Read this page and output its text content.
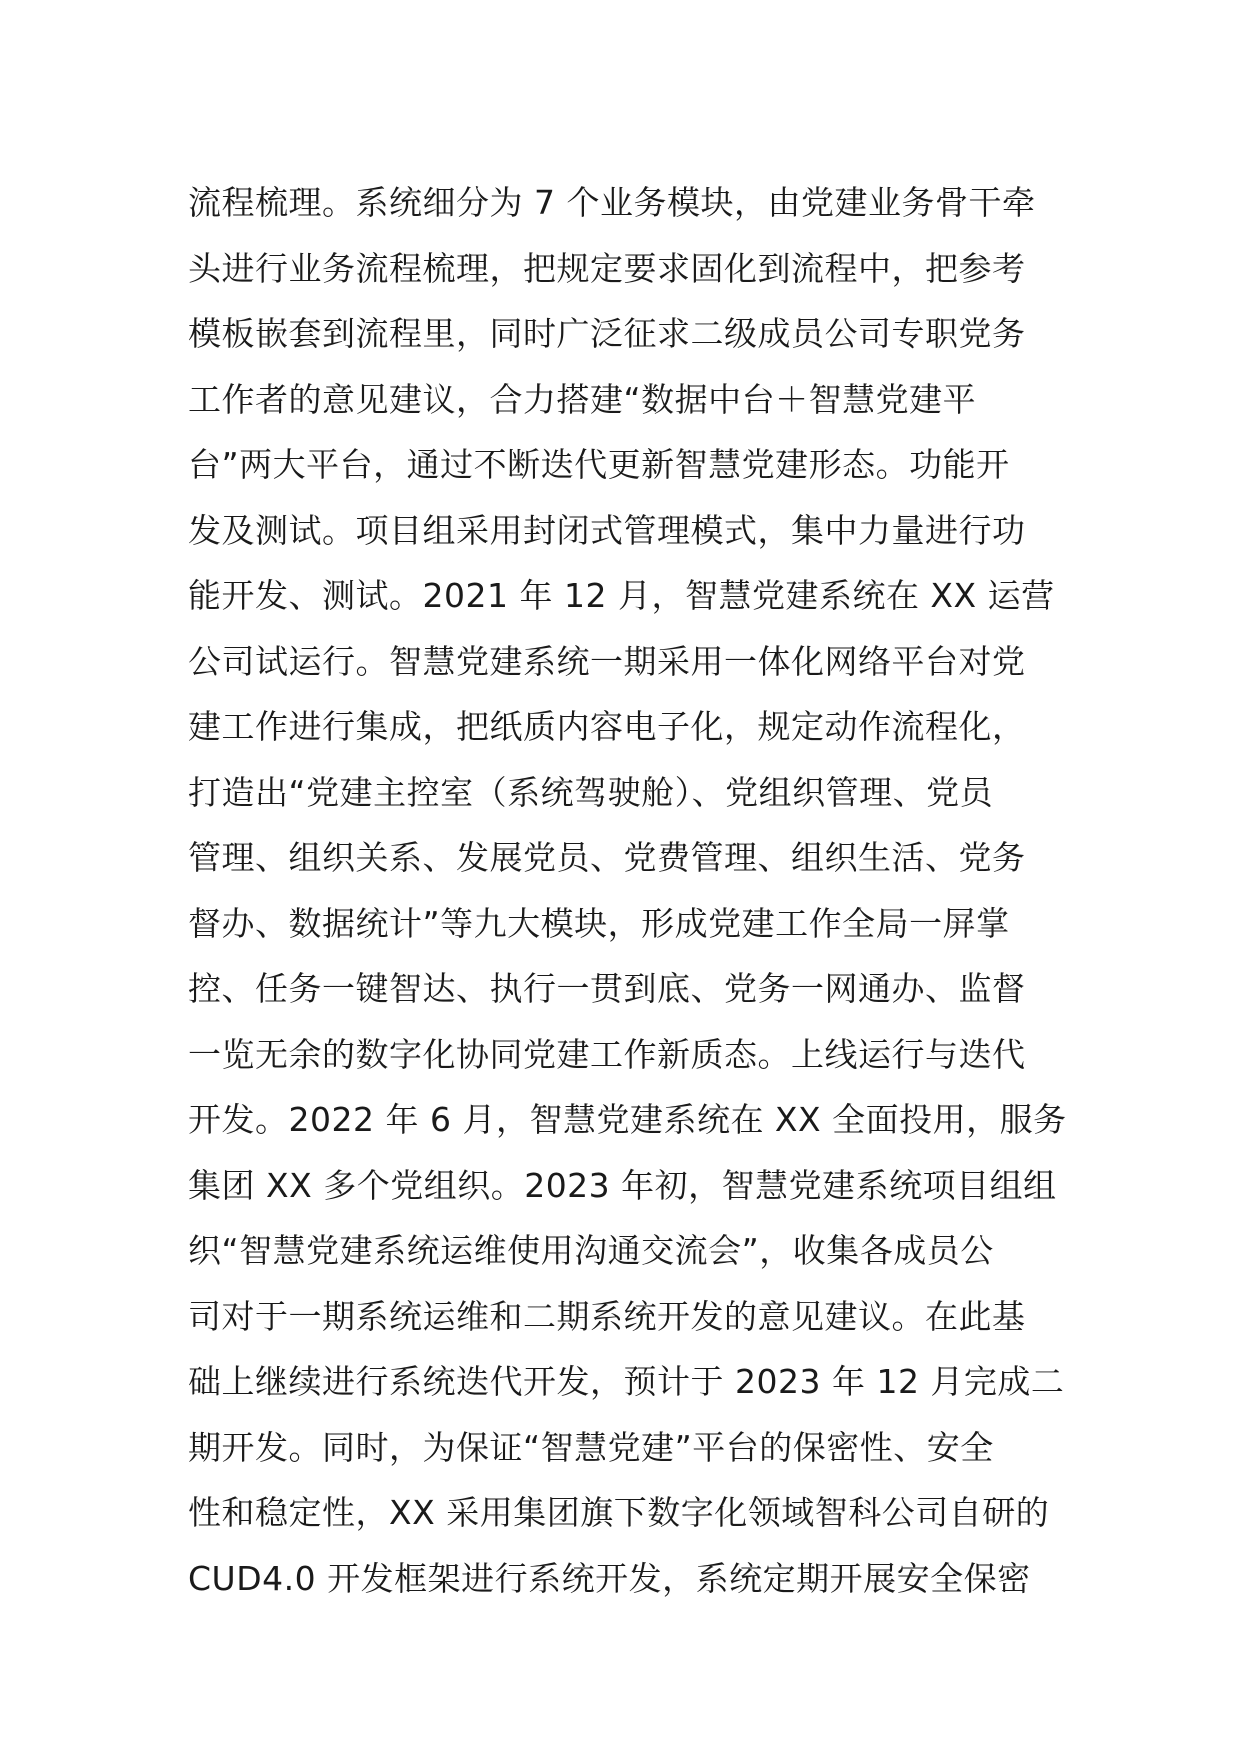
流程梳理。系统细分为 7 个业务模块，由党建业务骨干牵
头进行业务流程梳理，把规定要求固化到流程中，把参考
模板嵌套到流程里，同时广泛征求二级成员公司专职党务
工作者的意见建议，合力搭建“数据中台＋智慧党建平
台”两大平台，通过不断迭代更新智慧党建形态。功能开
发及测试。项目组采用封闭式管理模式，集中力量进行功
能开发、测试。2021 年 12 月，智慧党建系统在 XX 运营
公司试运行。智慧党建系统一期采用一体化网络平台对党
建工作进行集成，把纸质内容电子化，规定动作流程化，
打造出“党建主控室（系统驾驶舱）、党组织管理、党员
管理、组织关系、发展党员、党费管理、组织生活、党务
督办、数据统计”等九大模块，形成党建工作全局一屏掌
控、任务一键智达、执行一贯到底、党务一网通办、监督
一览无余的数字化协同党建工作新质态。上线运行与迭代
开发。2022 年 6 月，智慧党建系统在 XX 全面投用，服务
集团 XX 多个党组织。2023 年初，智慧党建系统项目组组
织“智慧党建系统运维使用沟通交流会”，收集各成员公
司对于一期系统运维和二期系统开发的意见建议。在此基
础上继续进行系统迭代开发，预计于 2023 年 12 月完成二
期开发。同时，为保证“智慧党建”平台的保密性、安全
性和稳定性，XX 采用集团旗下数字化领域智科公司自研的
CUD4.0 开发框架进行系统开发，系统定期开展安全保密
